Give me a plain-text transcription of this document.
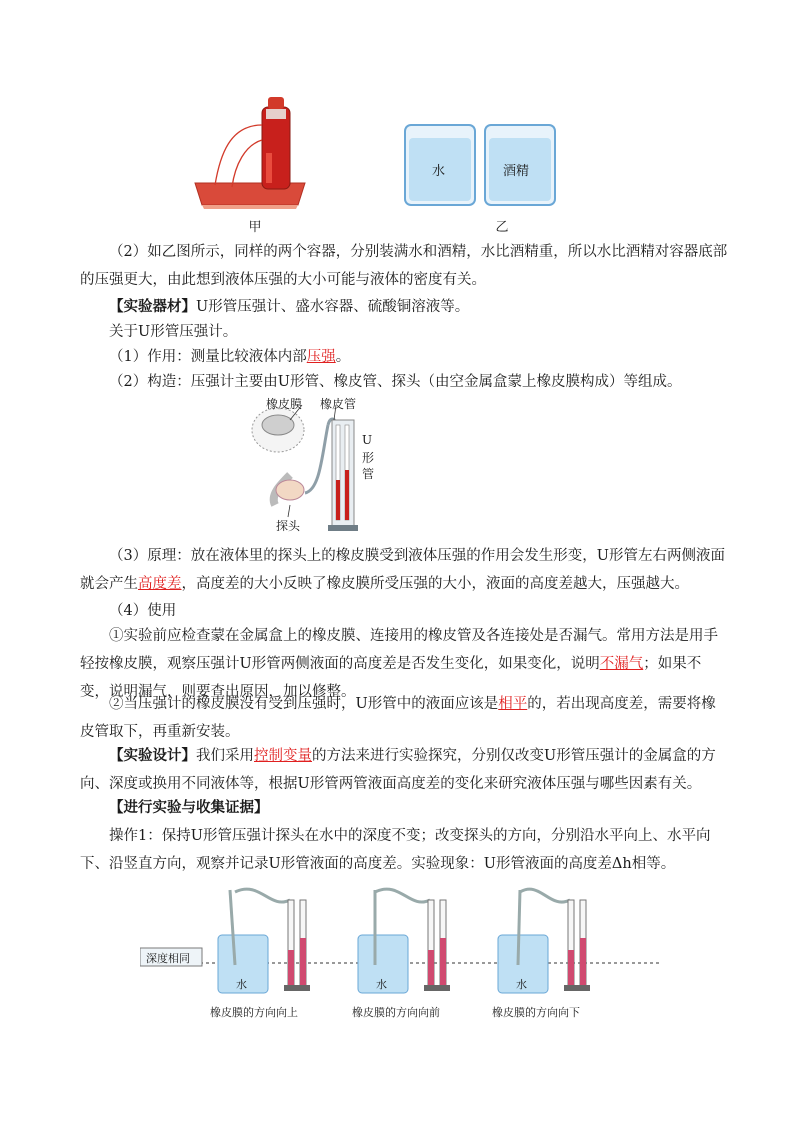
水	酒精
甲	乙
（2）如乙图所示，同样的两个容器，分别装满水和酒精，水比酒精重，所以水比酒精对容器底部的压强更大，由此想到液体压强的大小可能与液体的密度有关。
【实验器材】U形管压强计、盛水容器、硫酸铜溶液等。
关于U形管压强计。
（1）作用：测量比较液体内部压强。
（2）构造：压强计主要由U形管、橡皮管、探头（由空金属盒蒙上橡皮膜构成）等组成。
橡皮膜 橡皮管
探头
U
形
管
（3）原理：放在液体里的探头上的橡皮膜受到液体压强的作用会发生形变，U形管左右两侧液面就会产生高度差，高度差的大小反映了橡皮膜所受压强的大小，液面的高度差越大，压强越大。
（4）使用
①实验前应检查蒙在金属盒上的橡皮膜、连接用的橡皮管及各连接处是否漏气。常用方法是用手轻按橡皮膜，观察压强计U形管两侧液面的高度差是否发生变化，如果变化，说明不漏气；如果不变，说明漏气，则要查出原因，加以修整。
②当压强计的橡皮膜没有受到压强时，U形管中的液面应该是相平的，若出现高度差，需要将橡皮管取下，再重新安装。
【实验设计】我们采用控制变量的方法来进行实验探究，分别仅改变U形管压强计的金属盒的方向、深度或换用不同液体等，根据U形管两管液面高度差的变化来研究液体压强与哪些因素有关。
【进行实验与收集证据】
操作1：保持U形管压强计探头在水中的深度不变；改变探头的方向，分别沿水平向上、水平向下、沿竖直方向，观察并记录U形管液面的高度差。实验现象：U形管液面的高度差Δh相等。
深度相同
水	水	水
橡皮膜的方向向上	橡皮膜的方向向前	橡皮膜的方向向下
